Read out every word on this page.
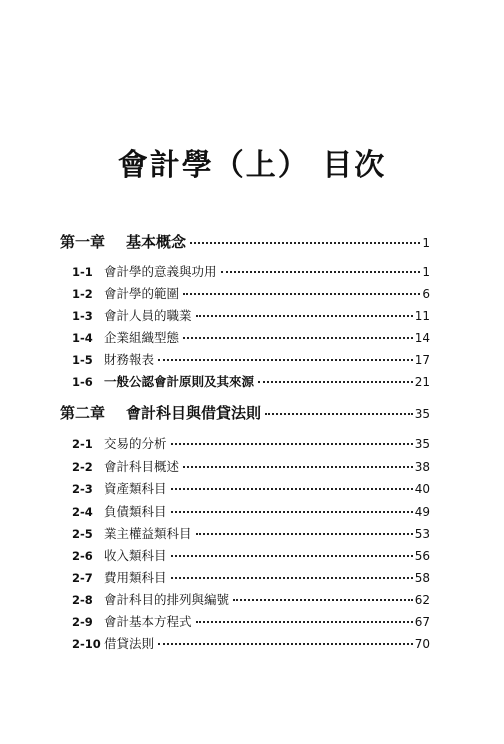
會計學（上） 目次
第一章	基本概念	1
1-1 會計學的意義與功用	1
1-2 會計學的範圍	6
1-3 會計人員的職業	11
1-4 企業組織型態	14
1-5 財務報表	17
1-6 一般公認會計原則及其來源	21
第二章	會計科目與借貸法則	35
2-1 交易的分析	35
2-2 會計科目概述	38
2-3 資產類科目	40
2-4 負債類科目	49
2-5 業主權益類科目	53
2-6 收入類科目	56
2-7 費用類科目	58
2-8 會計科目的排列與編號	62
2-9 會計基本方程式	67
2-10 借貸法則	70
